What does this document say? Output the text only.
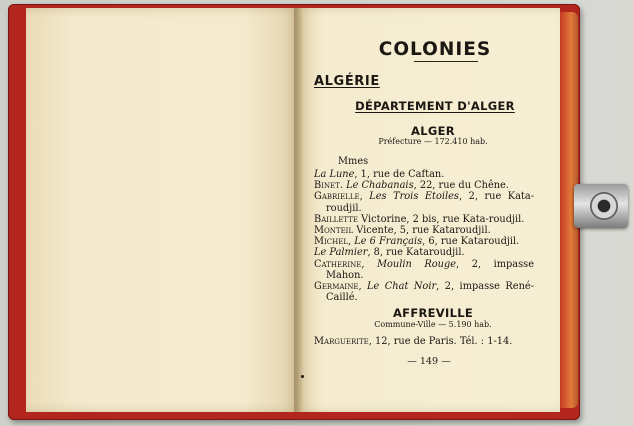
COLONIES
ALGÉRIE
DÉPARTEMENT D'ALGER
ALGER
Préfecture — 172.410 hab.
Mmes
La Lune, 1, rue de Caftan.
Binet. Le Chabanais, 22, rue du Chêne.
Gabrielle, Les Trois Etoiles, 2, rue Kata-roudjil.
Baillette Victorine, 2 bis, rue Kata-roudjil.
Monteil Vicente, 5, rue Kataroudjil.
Michel, Le 6 Français, 6, rue Kataroudjil.
Le Palmier, 8, rue Kataroudjil.
Catherine, Moulin Rouge, 2, impasse Mahon.
Germaine, Le Chat Noir, 2, impasse René-Caillé.
AFFREVILLE
Commune-Ville — 5.190 hab.
Marguerite, 12, rue de Paris. Tél. : 1-14.
— 149 —
